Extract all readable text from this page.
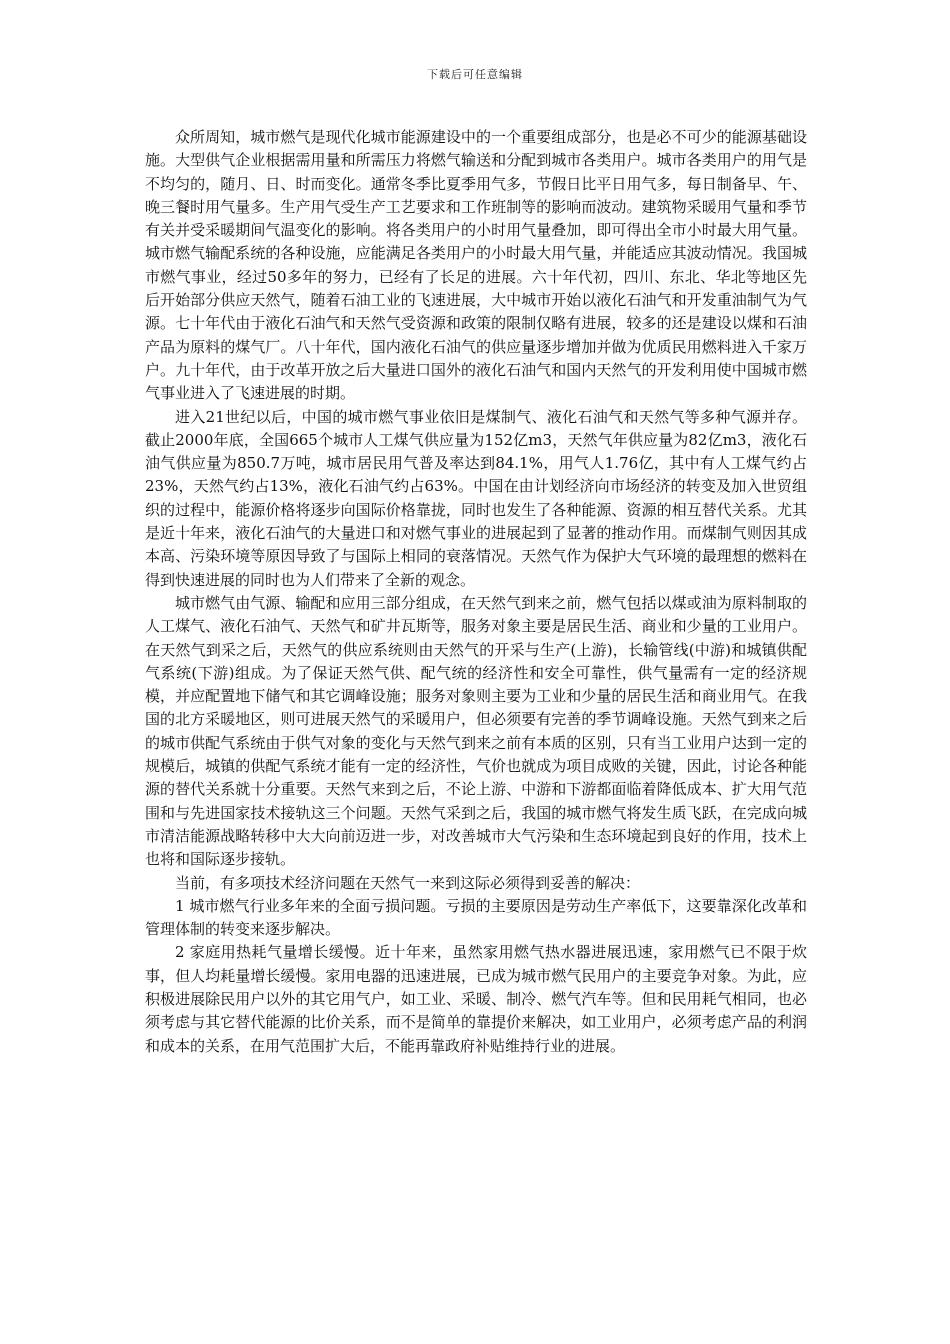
下载后可任意编辑

众所周知，城市燃气是现代化城市能源建设中的一个重要组成部分，也是必不可少的能源基础设施。大型供气企业根据需用量和所需压力将燃气输送和分配到城市各类用户。城市各类用户的用气是不均匀的，随月、日、时而变化。通常冬季比夏季用气多，节假日比平日用气多，每日制备早、午、晚三餐时用气量多。生产用气受生产工艺要求和工作班制等的影响而波动。建筑物采暖用气量和季节有关并受采暖期间气温变化的影响。将各类用户的小时用气量叠加，即可得出全市小时最大用气量。城市燃气输配系统的各种设施，应能满足各类用户的小时最大用气量，并能适应其波动情况。我国城市燃气事业，经过50多年的努力，已经有了长足的进展。六十年代初，四川、东北、华北等地区先后开始部分供应天然气，随着石油工业的飞速进展，大中城市开始以液化石油气和开发重油制气为气源。七十年代由于液化石油气和天然气受资源和政策的限制仅略有进展，较多的还是建设以煤和石油产品为原料的煤气厂。八十年代，国内液化石油气的供应量逐步增加并做为优质民用燃料进入千家万户。九十年代，由于改革开放之后大量进口国外的液化石油气和国内天然气的开发利用使中国城市燃气事业进入了飞速进展的时期。

进入21世纪以后，中国的城市燃气事业依旧是煤制气、液化石油气和天然气等多种气源并存。截止2000年底，全国665个城市人工煤气供应量为152亿m3，天然气年供应量为82亿m3，液化石油气供应量为850.7万吨，城市居民用气普及率达到84.1%，用气人1.76亿，其中有人工煤气约占23%，天然气约占13%，液化石油气约占63%。中国在由计划经济向市场经济的转变及加入世贸组织的过程中，能源价格将逐步向国际价格靠拢，同时也发生了各种能源、资源的相互替代关系。尤其是近十年来，液化石油气的大量进口和对燃气事业的进展起到了显著的推动作用。而煤制气则因其成本高、污染环境等原因导致了与国际上相同的衰落情况。天然气作为保护大气环境的最理想的燃料在得到快速进展的同时也为人们带来了全新的观念。

城市燃气由气源、输配和应用三部分组成，在天然气到来之前，燃气包括以煤或油为原料制取的人工煤气、液化石油气、天然气和矿井瓦斯等，服务对象主要是居民生活、商业和少量的工业用户。在天然气到采之后，天然气的供应系统则由天然气的开采与生产(上游)，长输管线(中游)和城镇供配气系统(下游)组成。为了保证天然气供、配气统的经济性和安全可靠性，供气量需有一定的经济规模，并应配置地下储气和其它调峰设施；服务对象则主要为工业和少量的居民生活和商业用气。在我国的北方采暖地区，则可进展天然气的采暖用户，但必须要有完善的季节调峰设施。天然气到来之后的城市供配气系统由于供气对象的变化与天然气到来之前有本质的区别，只有当工业用户达到一定的规模后，城镇的供配气系统才能有一定的经济性，气价也就成为项目成败的关键，因此，讨论各种能源的替代关系就十分重要。天然气来到之后，不论上游、中游和下游都面临着降低成本、扩大用气范围和与先进国家技术接轨这三个问题。天然气采到之后，我国的城市燃气将发生质飞跃，在完成向城市清洁能源战略转移中大大向前迈进一步，对改善城市大气污染和生态环境起到良好的作用，技术上也将和国际逐步接轨。

当前，有多项技术经济问题在天然气一来到这际必须得到妥善的解决：

1 城市燃气行业多年来的全面亏损问题。亏损的主要原因是劳动生产率低下，这要靠深化改革和管理体制的转变来逐步解决。

2 家庭用热耗气量增长缓慢。近十年来，虽然家用燃气热水器进展迅速，家用燃气已不限于炊事，但人均耗量增长缓慢。家用电器的迅速进展，已成为城市燃气民用户的主要竞争对象。为此，应积极进展除民用户以外的其它用气户，如工业、采暖、制冷、燃气汽车等。但和民用耗气相同，也必须考虑与其它替代能源的比价关系，而不是简单的靠提价来解决，如工业用户，必须考虑产品的利润和成本的关系，在用气范围扩大后，不能再靠政府补贴维持行业的进展。
